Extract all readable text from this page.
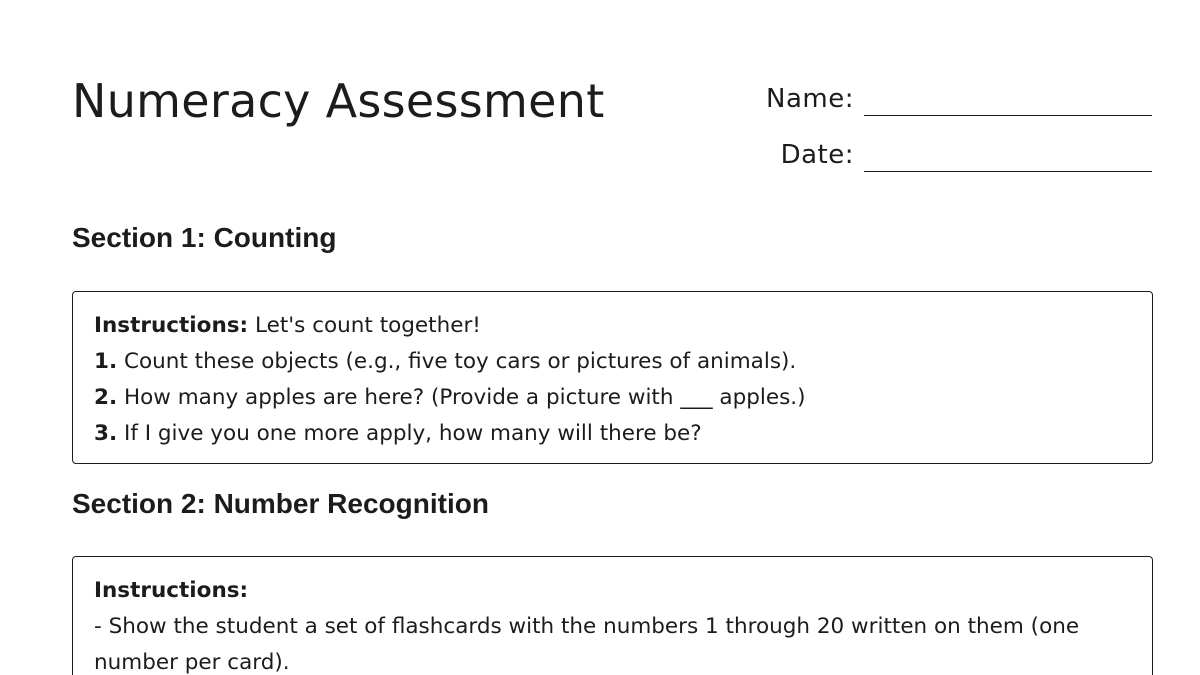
Numeracy Assessment	Name:
Date:
Section 1: Counting
Instructions: Let's count together!
1. Count these objects (e.g., five toy cars or pictures of animals).
2. How many apples are here? (Provide a picture with ___ apples.)
3. If I give you one more apply, how many will there be?
Section 2: Number Recognition
Instructions:
- Show the student a set of flashcards with the numbers 1 through 20 written on them (one number per card).
